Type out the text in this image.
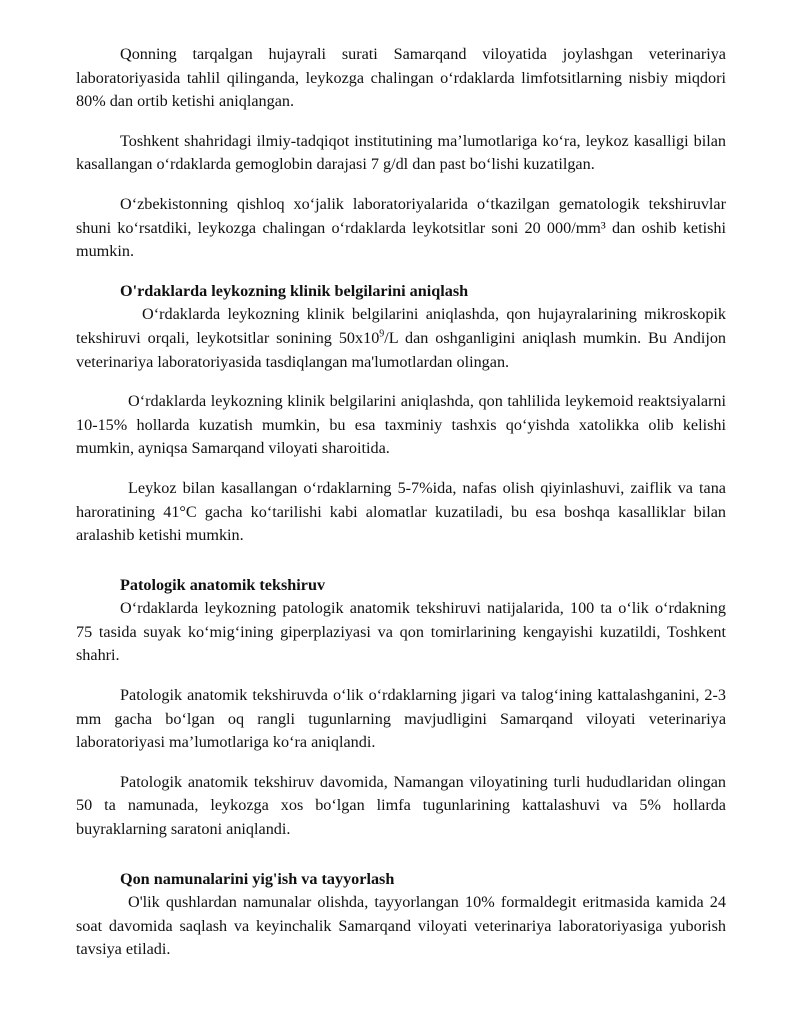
Qonning tarqalgan hujayrali surati Samarqand viloyatida joylashgan veterinariya laboratoriyasida tahlil qilinganda, leykozga chalingan o‘rdaklarda limfotsitlarning nisbiy miqdori 80% dan ortib ketishi aniqlangan.

Toshkent shahridagi ilmiy-tadqiqot institutining ma’lumotlariga ko‘ra, leykoz kasalligi bilan kasallangan o‘rdaklarda gemoglobin darajasi 7 g/dl dan past bo‘lishi kuzatilgan.

O‘zbekistonning qishloq xo‘jalik laboratoriyalarida o‘tkazilgan gematologik tekshiruvlar shuni ko‘rsatdiki, leykozga chalingan o‘rdaklarda leykotsitlar soni 20 000/mm³ dan oshib ketishi mumkin.

O'rdaklarda leykozning klinik belgilarini aniqlash

O‘rdaklarda leykozning klinik belgilarini aniqlashda, qon hujayralarining mikroskopik tekshiruvi orqali, leykotsitlar sonining $50x10^9/L$ dan oshganligini aniqlash mumkin. Bu Andijon veterinariya laboratoriyasida tasdiqlangan ma'lumotlardan olingan.

O‘rdaklarda leykozning klinik belgilarini aniqlashda, qon tahlilida leykemoid reaktsiyalarni 10-15% hollarda kuzatish mumkin, bu esa taxminiy tashxis qo‘yishda xatolikka olib kelishi mumkin, ayniqsa Samarqand viloyati sharoitida.

Leykoz bilan kasallangan o‘rdaklarning 5-7%ida, nafas olish qiyinlashuvi, zaiflik va tana haroratining 41°C gacha ko‘tarilishi kabi alomatlar kuzatiladi, bu esa boshqa kasalliklar bilan aralashib ketishi mumkin.

Patologik anatomik tekshiruv

O‘rdaklarda leykozning patologik anatomik tekshiruvi natijalarida, 100 ta o‘lik o‘rdakning 75 tasida suyak ko‘mig‘ining giperplaziyasi va qon tomirlarining kengayishi kuzatildi, Toshkent shahri.

Patologik anatomik tekshiruvda o‘lik o‘rdaklarning jigari va talog‘ining kattalashganini, 2-3 mm gacha bo‘lgan oq rangli tugunlarning mavjudligini Samarqand viloyati veterinariya laboratoriyasi ma’lumotlariga ko‘ra aniqlandi.

Patologik anatomik tekshiruv davomida, Namangan viloyatining turli hududlaridan olingan 50 ta namunada, leykozga xos bo‘lgan limfa tugunlarining kattalashuvi va 5% hollarda buyraklarning saratoni aniqlandi.

Qon namunalarini yig'ish va tayyorlash

O'lik qushlardan namunalar olishda, tayyorlangan 10% formaldegit eritmasida kamida 24 soat davomida saqlash va keyinchalik Samarqand viloyati veterinariya laboratoriyasiga yuborish tavsiya etiladi.
